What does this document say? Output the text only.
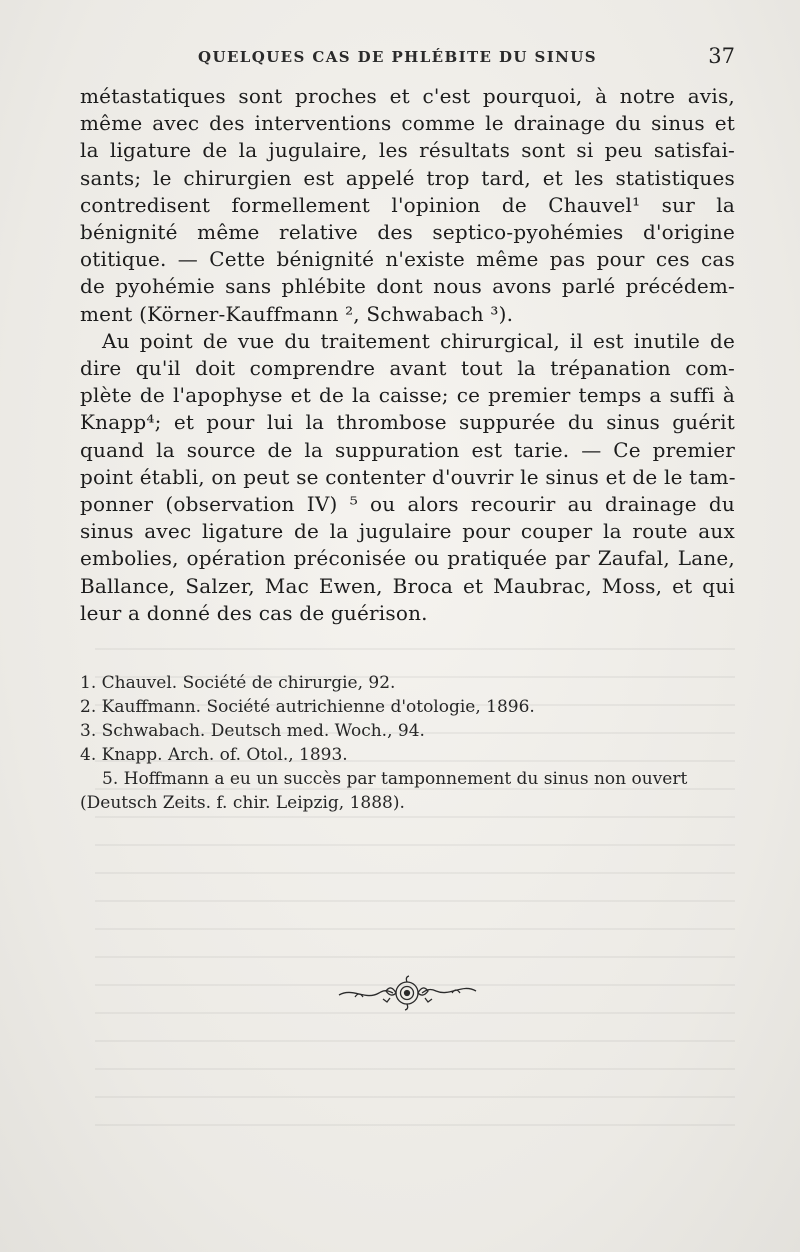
QUELQUES CAS DE PHLÉBITE DU SINUS	37

métastatiques sont proches et c'est pourquoi, à notre avis,
même avec des interventions comme le drainage du sinus et
la ligature de la jugulaire, les résultats sont si peu satisfai-
sants; le chirurgien est appelé trop tard, et les statistiques
contredisent formellement l'opinion de Chauvel¹ sur la
bénignité même relative des septico-pyohémies d'origine
otitique. — Cette bénignité n'existe même pas pour ces cas
de pyohémie sans phlébite dont nous avons parlé précédem-
ment (Körner-Kauffmann ², Schwabach ³).

Au point de vue du traitement chirurgical, il est inutile de
dire qu'il doit comprendre avant tout la trépanation com-
plète de l'apophyse et de la caisse; ce premier temps a suffi à
Knapp⁴; et pour lui la thrombose suppurée du sinus guérit
quand la source de la suppuration est tarie. — Ce premier
point établi, on peut se contenter d'ouvrir le sinus et de le tam-
ponner (observation IV) ⁵ ou alors recourir au drainage du
sinus avec ligature de la jugulaire pour couper la route aux
embolies, opération préconisée ou pratiquée par Zaufal, Lane,
Ballance, Salzer, Mac Ewen, Broca et Maubrac, Moss, et qui
leur a donné des cas de guérison.

1. Chauvel. Société de chirurgie, 92.
2. Kauffmann. Société autrichienne d'otologie, 1896.
3. Schwabach. Deutsch med. Woch., 94.
4. Knapp. Arch. of. Otol., 1893.
5. Hoffmann a eu un succès par tamponnement du sinus non ouvert
(Deutsch Zeits. f. chir. Leipzig, 1888).
